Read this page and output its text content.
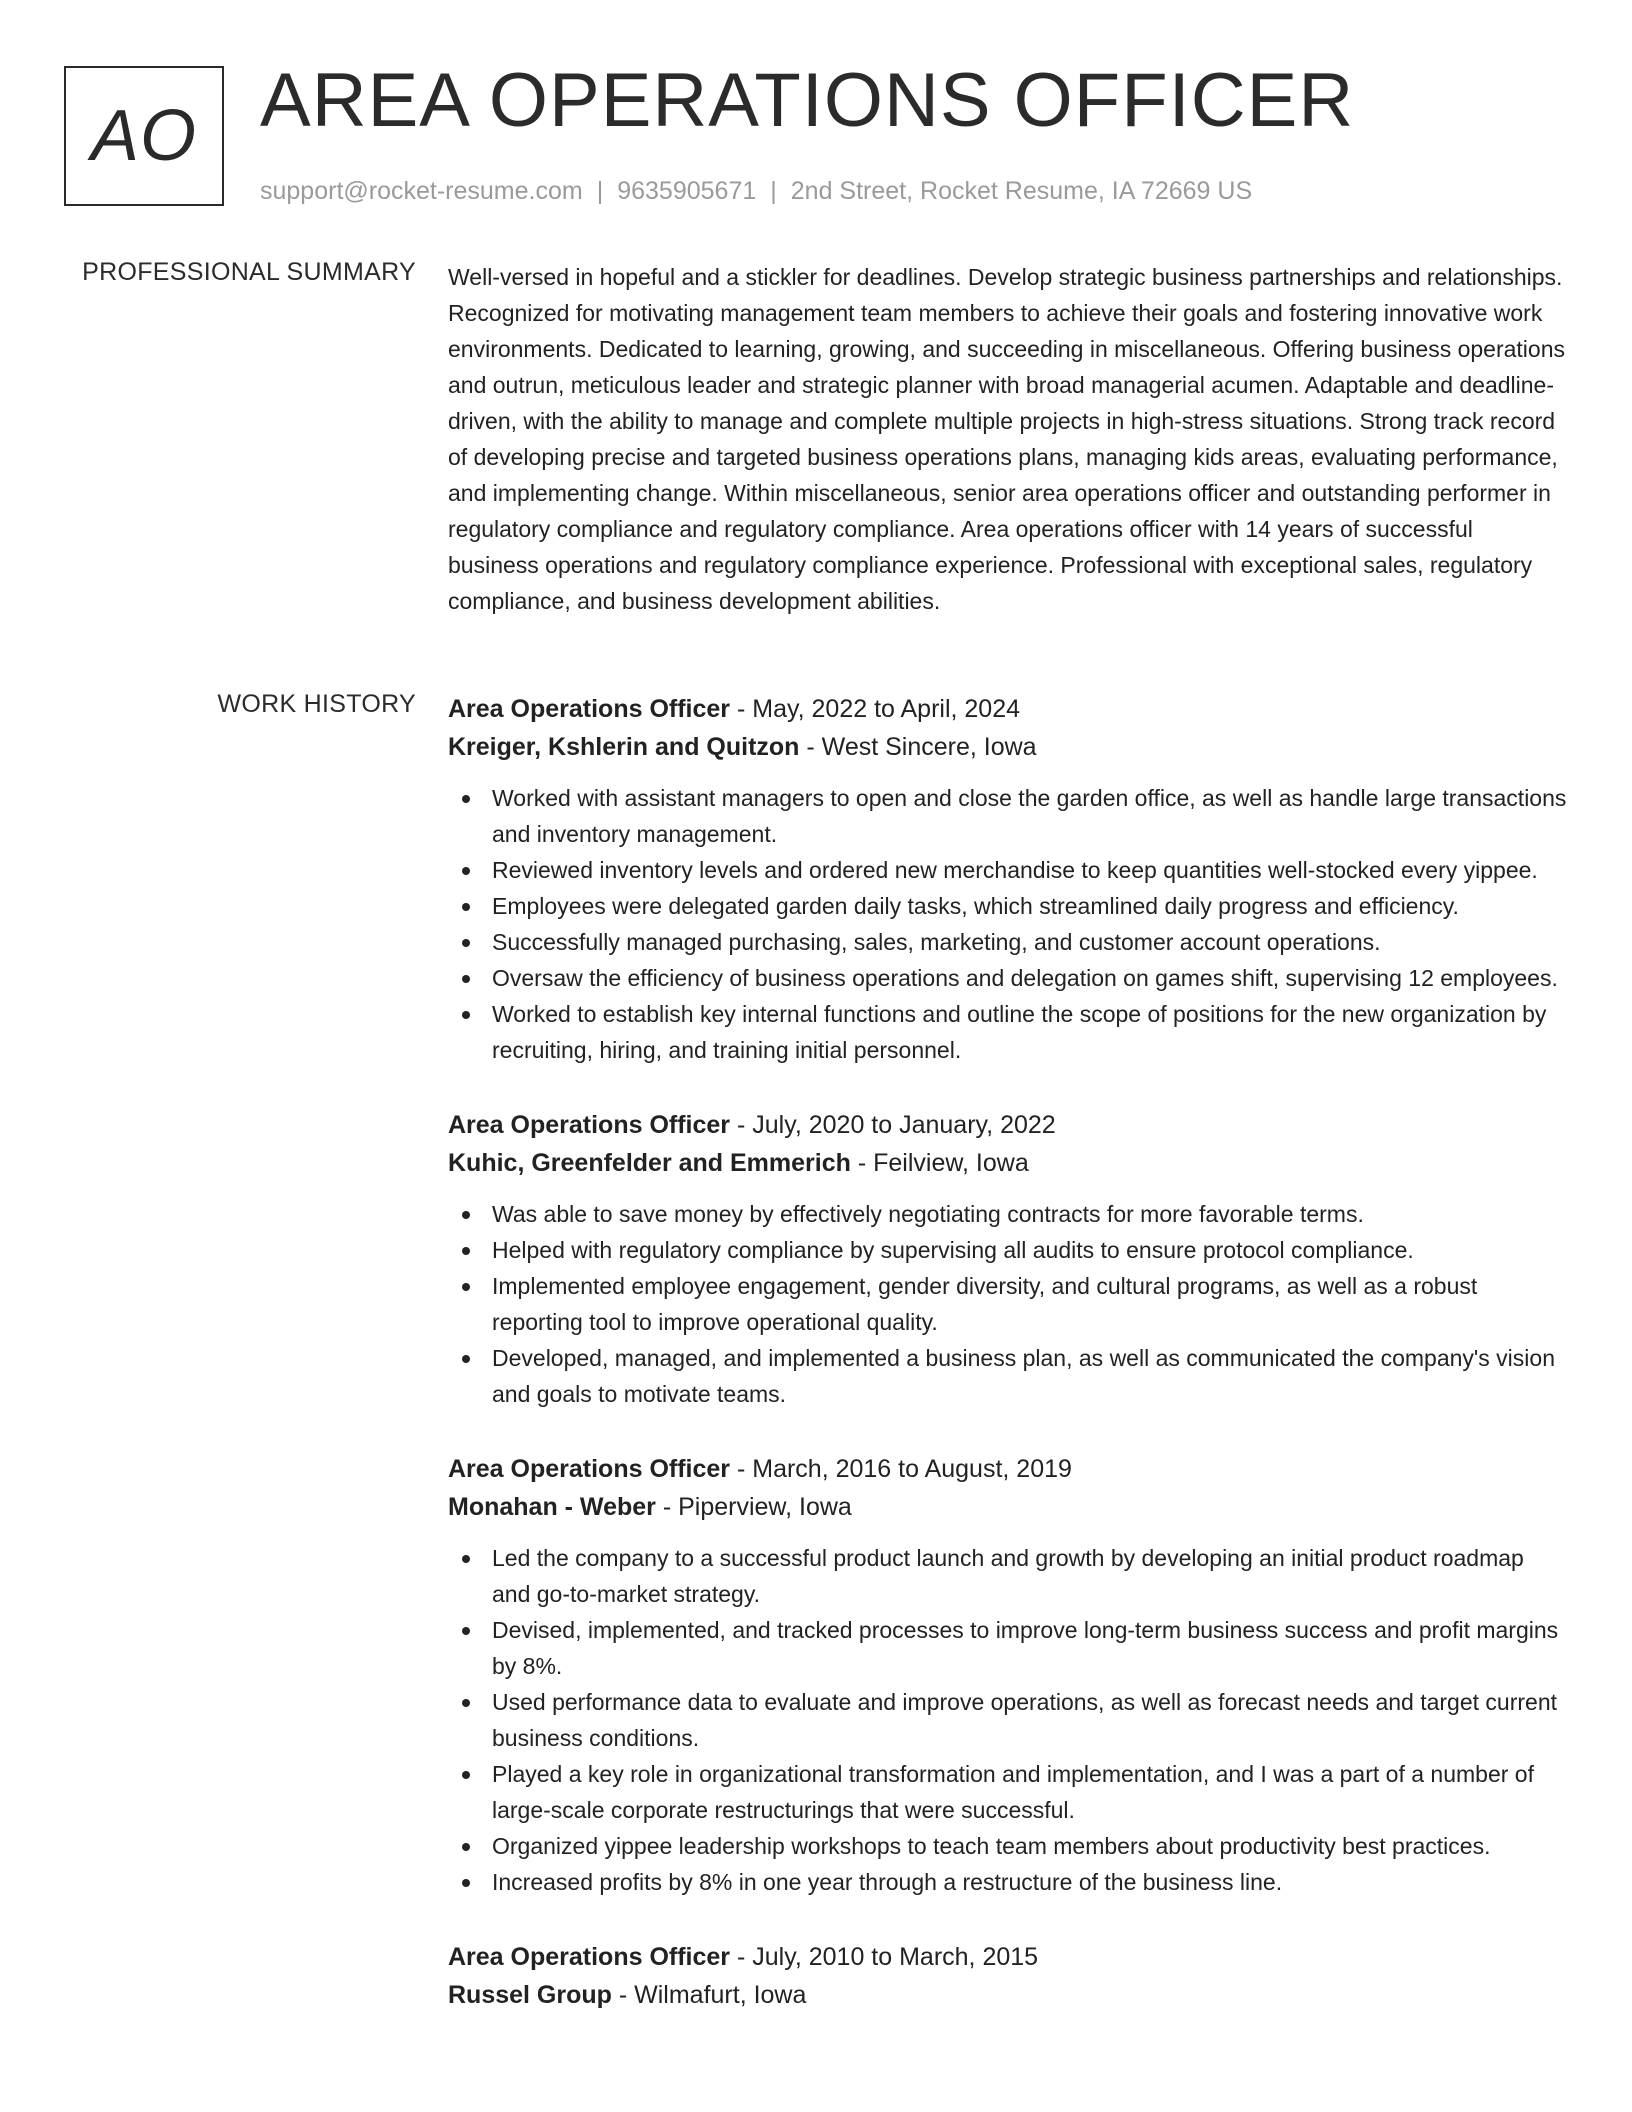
AO AREA OPERATIONS OFFICER
support@rocket-resume.com | 9635905671 | 2nd Street, Rocket Resume, IA 72669 US
PROFESSIONAL SUMMARY Well-versed in hopeful and a stickler for deadlines. Develop strategic business partnerships and relationships. Recognized for motivating management team members to achieve their goals and fostering innovative work environments. Dedicated to learning, growing, and succeeding in miscellaneous. Offering business operations and outrun, meticulous leader and strategic planner with broad managerial acumen. Adaptable and deadline-driven, with the ability to manage and complete multiple projects in high-stress situations. Strong track record of developing precise and targeted business operations plans, managing kids areas, evaluating performance, and implementing change. Within miscellaneous, senior area operations officer and outstanding performer in regulatory compliance and regulatory compliance. Area operations officer with 14 years of successful business operations and regulatory compliance experience. Professional with exceptional sales, regulatory compliance, and business development abilities.
WORK HISTORY Area Operations Officer - May, 2022 to April, 2024
Kreiger, Kshlerin and Quitzon - West Sincere, Iowa
Worked with assistant managers to open and close the garden office, as well as handle large transactions and inventory management.
Reviewed inventory levels and ordered new merchandise to keep quantities well-stocked every yippee.
Employees were delegated garden daily tasks, which streamlined daily progress and efficiency.
Successfully managed purchasing, sales, marketing, and customer account operations.
Oversaw the efficiency of business operations and delegation on games shift, supervising 12 employees.
Worked to establish key internal functions and outline the scope of positions for the new organization by recruiting, hiring, and training initial personnel.
Area Operations Officer - July, 2020 to January, 2022
Kuhic, Greenfelder and Emmerich - Feilview, Iowa
Was able to save money by effectively negotiating contracts for more favorable terms.
Helped with regulatory compliance by supervising all audits to ensure protocol compliance.
Implemented employee engagement, gender diversity, and cultural programs, as well as a robust reporting tool to improve operational quality.
Developed, managed, and implemented a business plan, as well as communicated the company's vision and goals to motivate teams.
Area Operations Officer - March, 2016 to August, 2019
Monahan - Weber - Piperview, Iowa
Led the company to a successful product launch and growth by developing an initial product roadmap and go-to-market strategy.
Devised, implemented, and tracked processes to improve long-term business success and profit margins by 8%.
Used performance data to evaluate and improve operations, as well as forecast needs and target current business conditions.
Played a key role in organizational transformation and implementation, and I was a part of a number of large-scale corporate restructurings that were successful.
Organized yippee leadership workshops to teach team members about productivity best practices.
Increased profits by 8% in one year through a restructure of the business line.
Area Operations Officer - July, 2010 to March, 2015
Russel Group - Wilmafurt, Iowa
